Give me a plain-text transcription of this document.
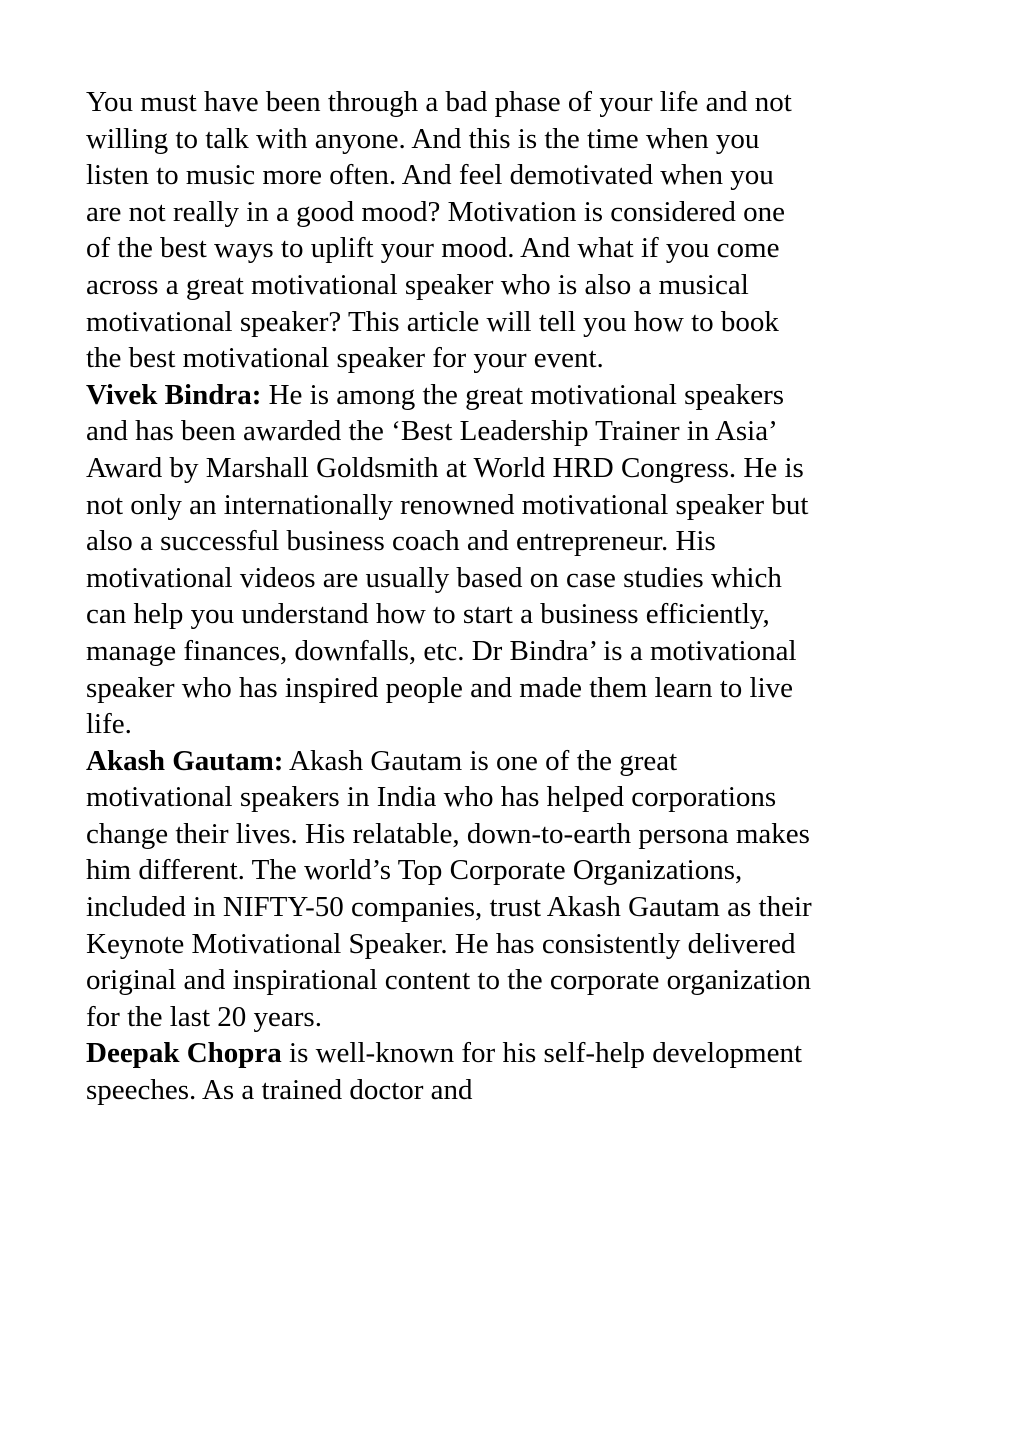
You must have been through a bad phase of your life and not willing to talk with anyone. And this is the time when you listen to music more often. And feel demotivated when you are not really in a good mood? Motivation is considered one of the best ways to uplift your mood. And what if you come across a great motivational speaker who is also a musical motivational speaker? This article will tell you how to book the best motivational speaker for your event.

Vivek Bindra: He is among the great motivational speakers and has been awarded the ‘Best Leadership Trainer in Asia’ Award by Marshall Goldsmith at World HRD Congress. He is not only an internationally renowned motivational speaker but also a successful business coach and entrepreneur. His motivational videos are usually based on case studies which can help you understand how to start a business efficiently, manage finances, downfalls, etc. Dr Bindra’ is a motivational speaker who has inspired people and made them learn to live life.

Akash Gautam: Akash Gautam is one of the great motivational speakers in India who has helped corporations change their lives. His relatable, down-to-earth persona makes him different. The world’s Top Corporate Organizations, included in NIFTY-50 companies, trust Akash Gautam as their Keynote Motivational Speaker. He has consistently delivered original and inspirational content to the corporate organization for the last 20 years.

Deepak Chopra is well-known for his self-help development speeches. As a trained doctor and
